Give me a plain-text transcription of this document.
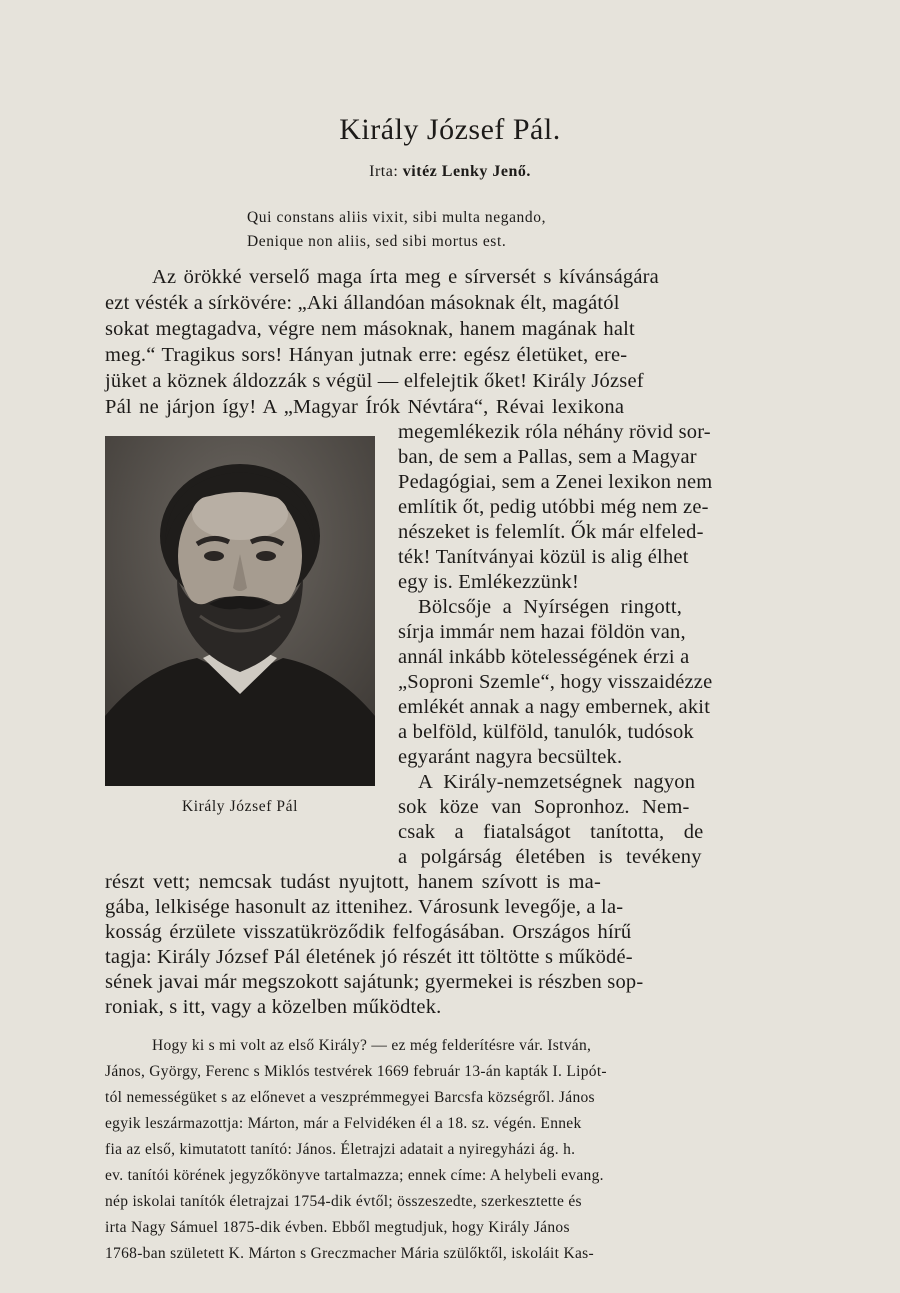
Király József Pál.
Irta: vitéz Lenky Jenő.
Qui constans aliis vixit, sibi multa negando,
Denique non aliis, sed sibi mortus est.
Király József Pál
Az örökké verselő maga írta meg e sírversét s kívánságára
ezt vésték a sírkövére: „Aki állandóan másoknak élt, magától
sokat megtagadva, végre nem másoknak, hanem magának halt
meg.“ Tragikus sors! Hányan jutnak erre: egész életüket, ere-
jüket a köznek áldozzák s végül — elfelejtik őket! Király József
Pál ne járjon így! A „Magyar Írók Névtára“, Révai lexikona
megemlékezik róla néhány rövid sor-
ban, de sem a Pallas, sem a Magyar
Pedagógiai, sem a Zenei lexikon nem
említik őt, pedig utóbbi még nem ze-
nészeket is felemlít. Ők már elfeled-
ték! Tanítványai közül is alig élhet
egy is. Emlékezzünk!
Bölcsője a Nyírségen ringott,
sírja immár nem hazai földön van,
annál inkább kötelességének érzi a
„Soproni Szemle“, hogy visszaidézze
emlékét annak a nagy embernek, akit
a belföld, külföld, tanulók, tudósok
egyaránt nagyra becsültek.
A Király-nemzetségnek nagyon
sok köze van Sopronhoz. Nem-
csak a fiatalságot tanította, de
a polgárság életében is tevékeny
részt vett; nemcsak tudást nyujtott, hanem szívott is ma-
gába, lelkisége hasonult az ittenihez. Városunk levegője, a la-
kosság érzülete visszatükröződik felfogásában. Országos hírű
tagja: Király József Pál életének jó részét itt töltötte s működé-
sének javai már megszokott sajátunk; gyermekei is részben sop-
roniak, s itt, vagy a közelben működtek.
Hogy ki s mi volt az első Király? — ez még felderítésre vár. István,
János, György, Ferenc s Miklós testvérek 1669 február 13-án kapták I. Lipót-
tól nemességüket s az előnevet a veszprémmegyei Barcsfa községről. János
egyik leszármazottja: Márton, már a Felvidéken él a 18. sz. végén. Ennek
fia az első, kimutatott tanító: János. Életrajzi adatait a nyiregyházi ág. h.
ev. tanítói körének jegyzőkönyve tartalmazza; ennek címe: A helybeli evang.
nép iskolai tanítók életrajzai 1754-dik évtől; összeszedte, szerkesztette és
irta Nagy Sámuel 1875-dik évben. Ebből megtudjuk, hogy Király János
1768-ban született K. Márton s Greczmacher Mária szülőktől, iskoláit Kas-
